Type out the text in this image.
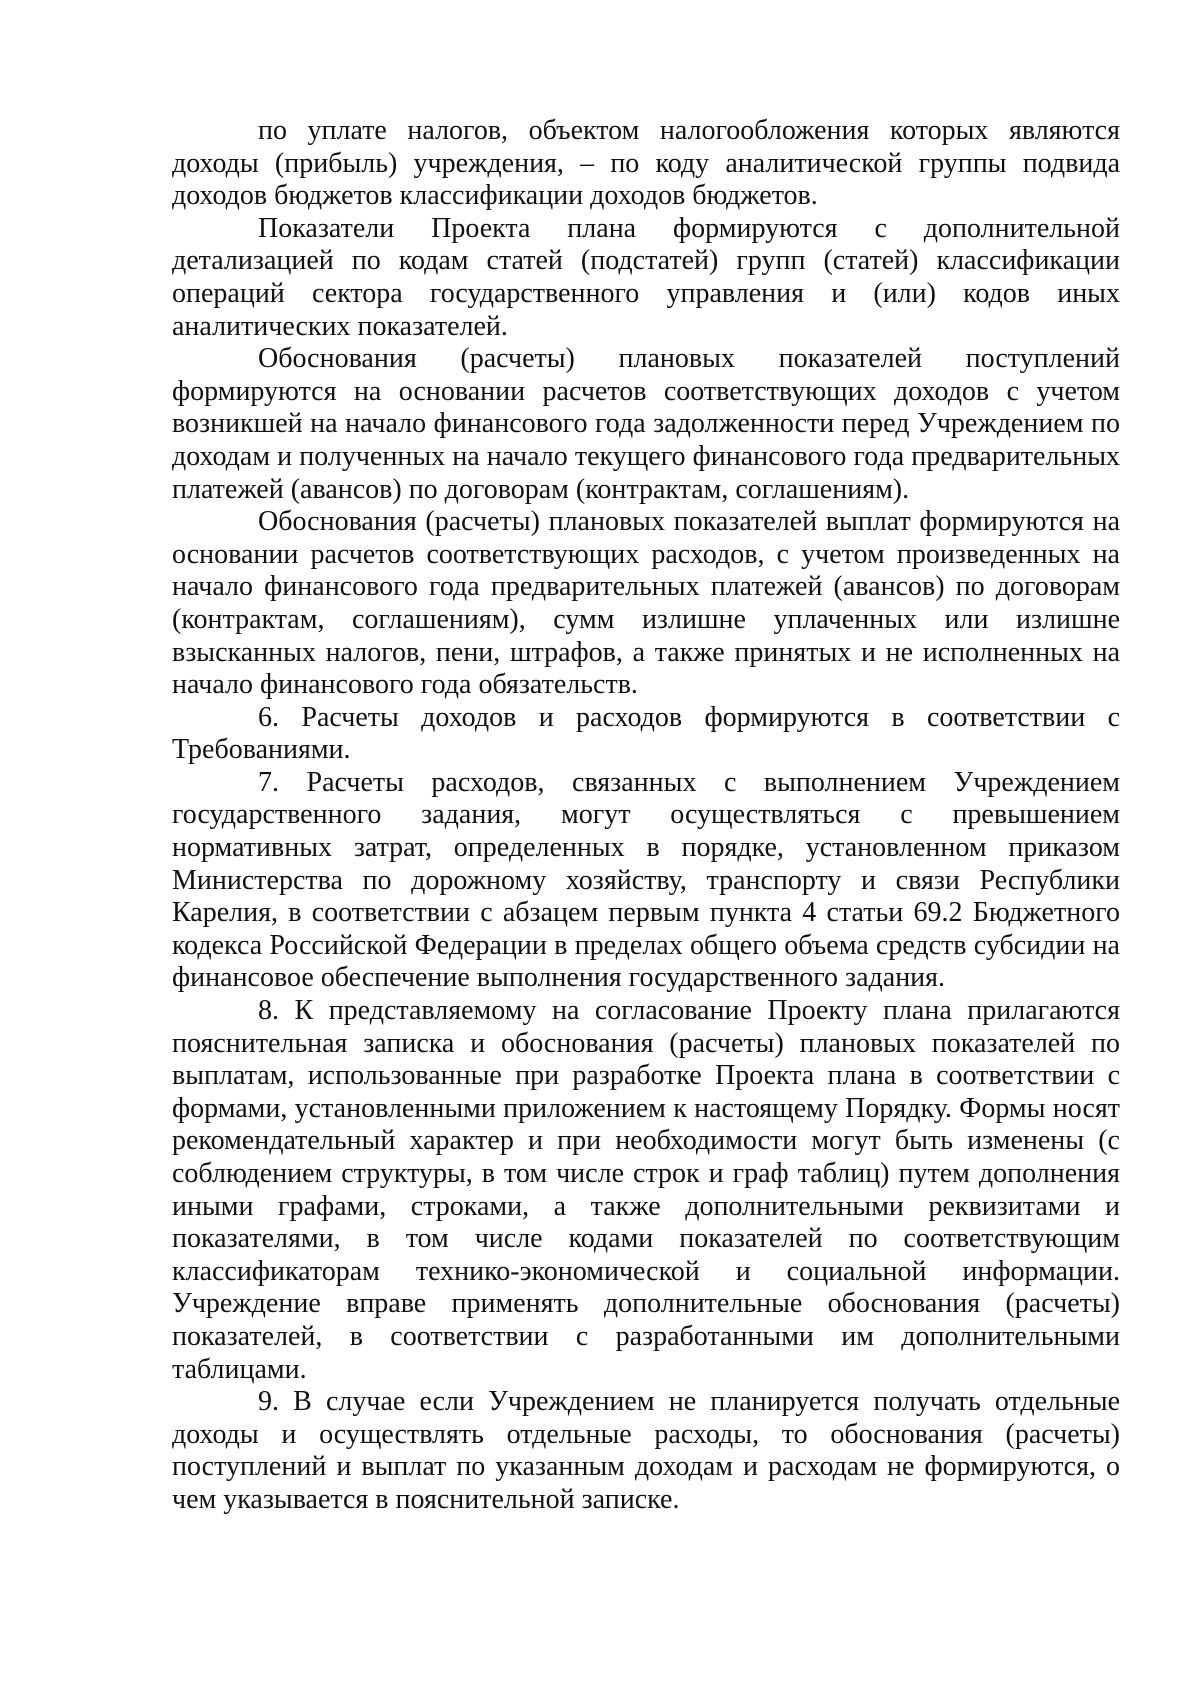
по уплате налогов, объектом налогообложения которых являются доходы (прибыль) учреждения, – по коду аналитической группы подвида доходов бюджетов классификации доходов бюджетов.

Показатели Проекта плана формируются с дополнительной детализацией по кодам статей (подстатей) групп (статей) классификации операций сектора государственного управления и (или) кодов иных аналитических показателей.

Обоснования (расчеты) плановых показателей поступлений формируются на основании расчетов соответствующих доходов с учетом возникшей на начало финансового года задолженности перед Учреждением по доходам и полученных на начало текущего финансового года предварительных платежей (авансов) по договорам (контрактам, соглашениям).

Обоснования (расчеты) плановых показателей выплат формируются на основании расчетов соответствующих расходов, с учетом произведенных на начало финансового года предварительных платежей (авансов) по договорам (контрактам, соглашениям), сумм излишне уплаченных или излишне взысканных налогов, пени, штрафов, а также принятых и не исполненных на начало финансового года обязательств.

6. Расчеты доходов и расходов формируются в соответствии с Требованиями.

7. Расчеты расходов, связанных с выполнением Учреждением государственного задания, могут осуществляться с превышением нормативных затрат, определенных в порядке, установленном приказом Министерства по дорожному хозяйству, транспорту и связи Республики Карелия, в соответствии с абзацем первым пункта 4 статьи 69.2 Бюджетного кодекса Российской Федерации в пределах общего объема средств субсидии на финансовое обеспечение выполнения государственного задания.

8. К представляемому на согласование Проекту плана прилагаются пояснительная записка и обоснования (расчеты) плановых показателей по выплатам, использованные при разработке Проекта плана в соответствии с формами, установленными приложением к настоящему Порядку. Формы носят рекомендательный характер и при необходимости могут быть изменены (с соблюдением структуры, в том числе строк и граф таблиц) путем дополнения иными графами, строками, а также дополнительными реквизитами и показателями, в том числе кодами показателей по соответствующим классификаторам технико-экономической и социальной информации. Учреждение вправе применять дополнительные обоснования (расчеты) показателей, в соответствии с разработанными им дополнительными таблицами.

9. В случае если Учреждением не планируется получать отдельные доходы и осуществлять отдельные расходы, то обоснования (расчеты) поступлений и выплат по указанным доходам и расходам не формируются, о чем указывается в пояснительной записке.
